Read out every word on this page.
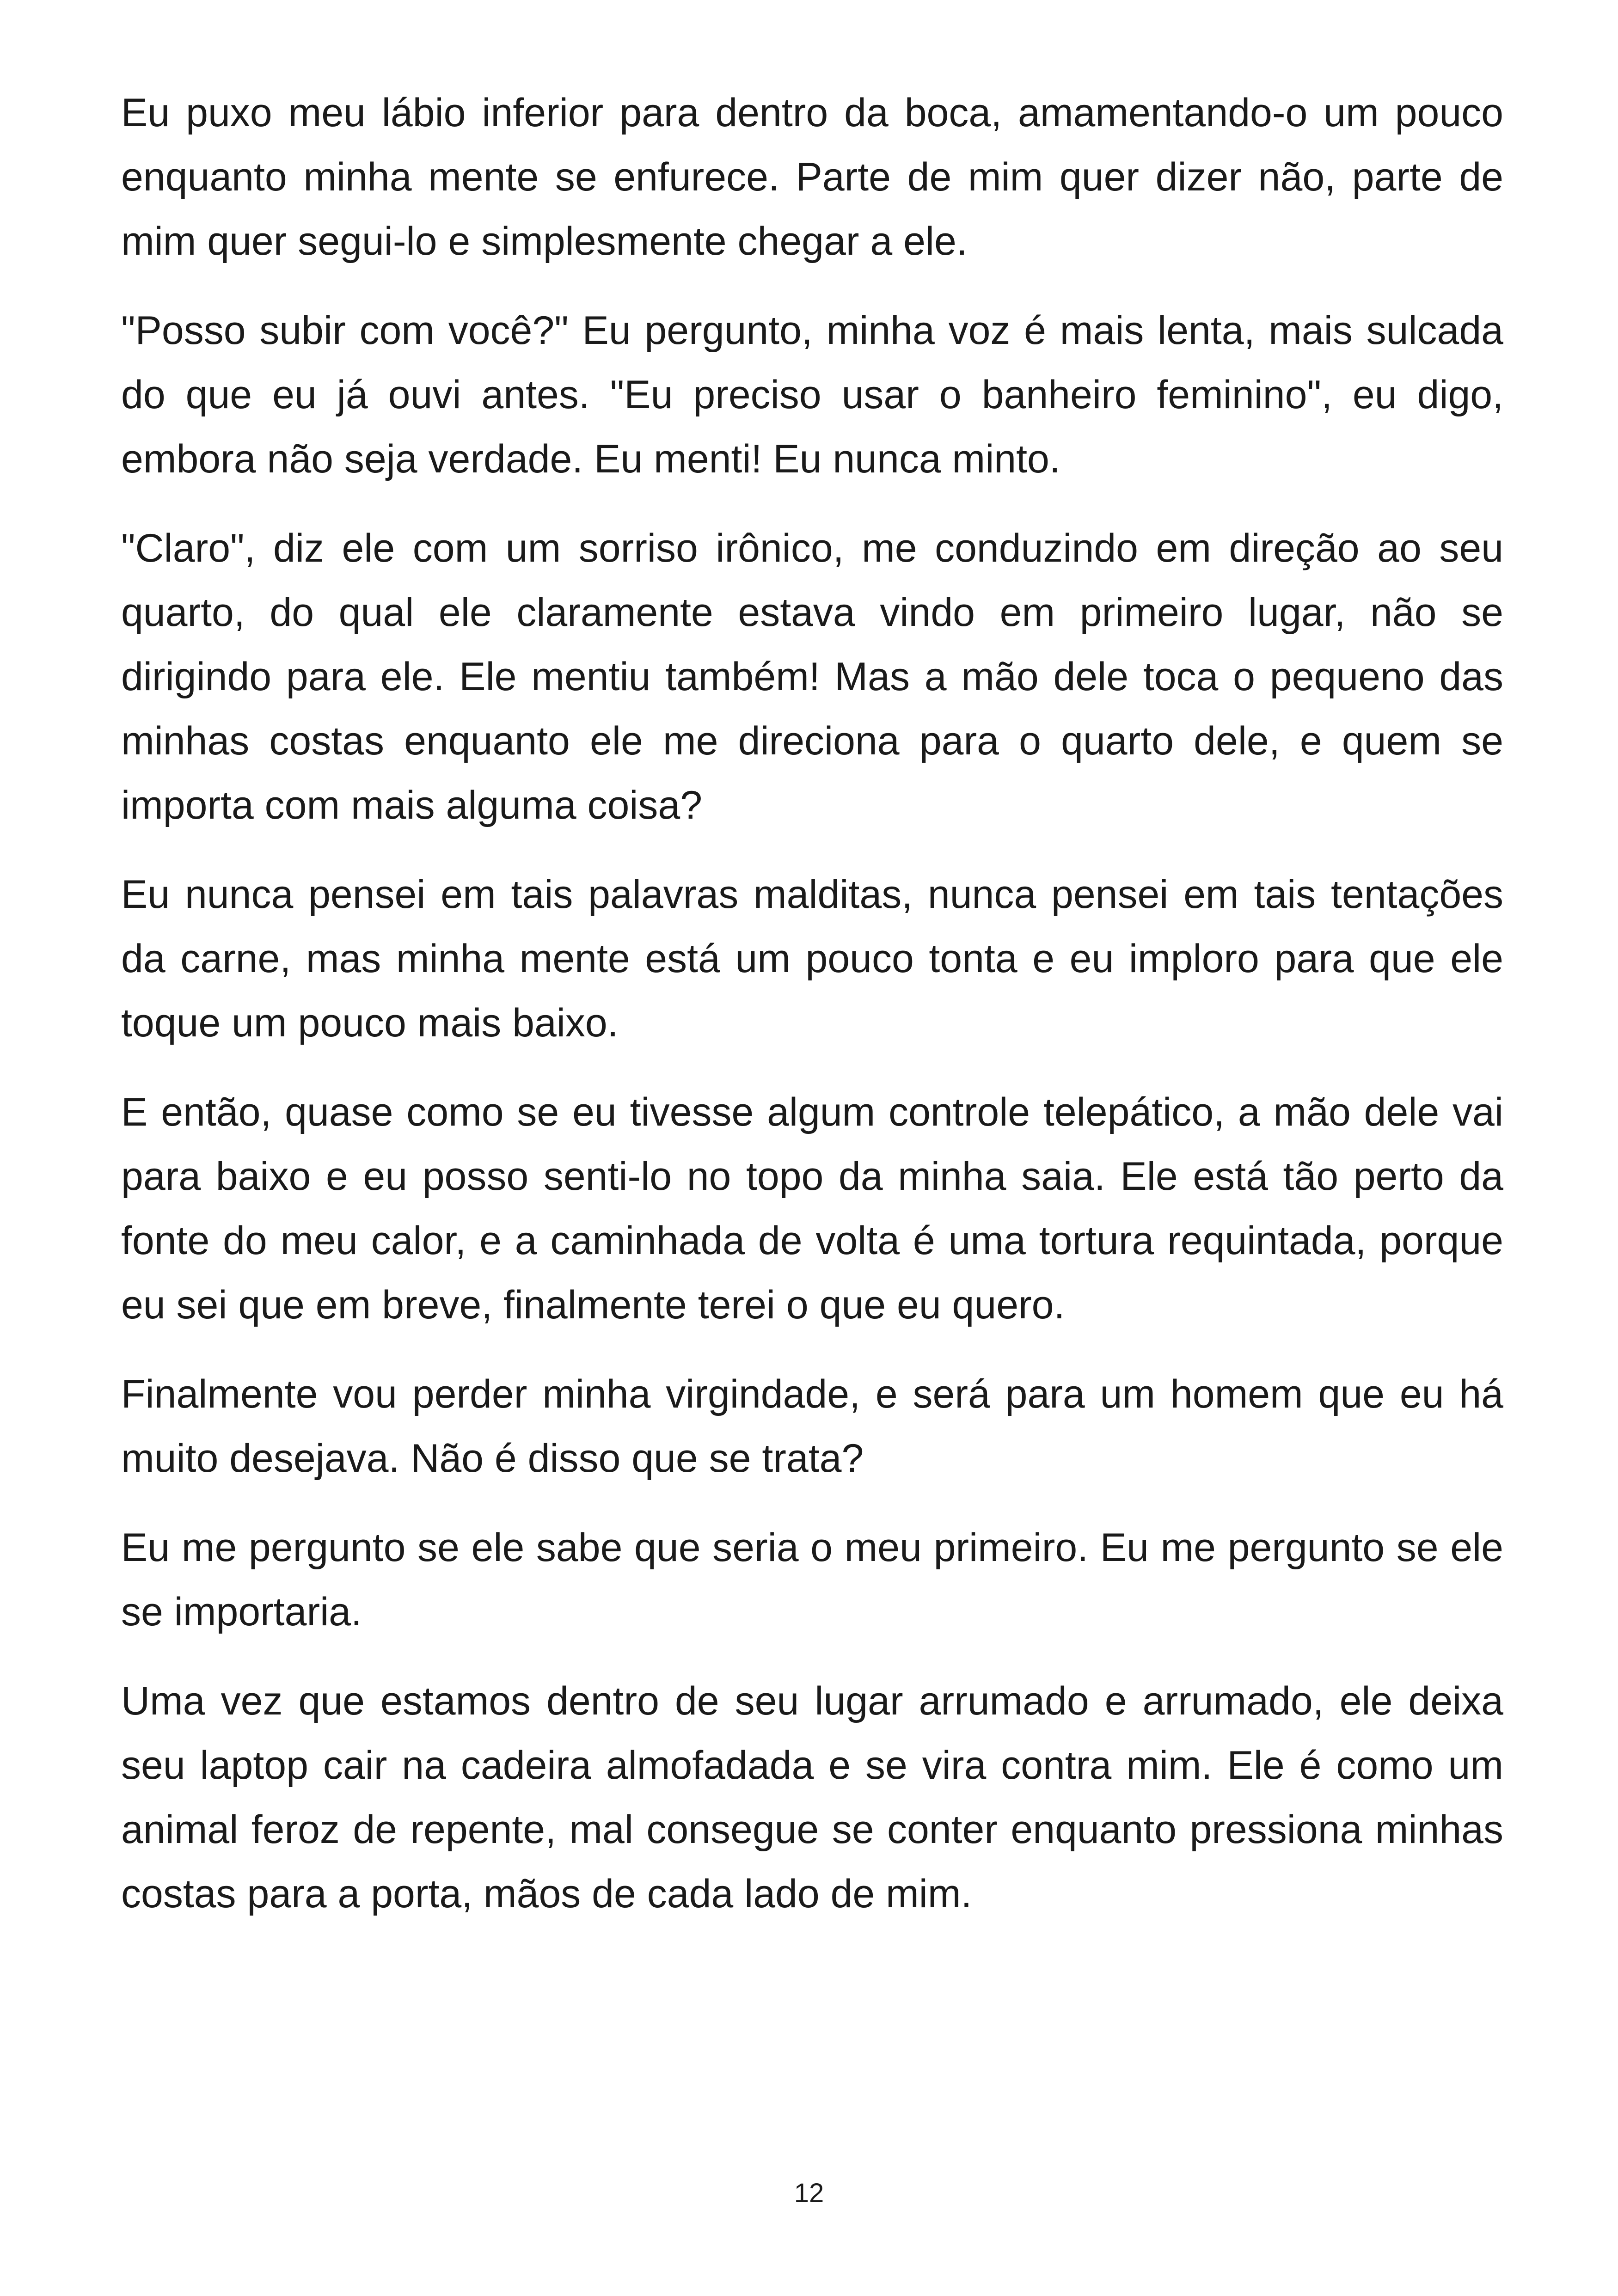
Eu puxo meu lábio inferior para dentro da boca, amamentando-o um pouco enquanto minha mente se enfurece. Parte de mim quer dizer não, parte de mim quer segui-lo e simplesmente chegar a ele.

"Posso subir com você?" Eu pergunto, minha voz é mais lenta, mais sulcada do que eu já ouvi antes. "Eu preciso usar o banheiro feminino", eu digo, embora não seja verdade. Eu menti! Eu nunca minto.

"Claro", diz ele com um sorriso irônico, me conduzindo em direção ao seu quarto, do qual ele claramente estava vindo em primeiro lugar, não se dirigindo para ele. Ele mentiu também! Mas a mão dele toca o pequeno das minhas costas enquanto ele me direciona para o quarto dele, e quem se importa com mais alguma coisa?

Eu nunca pensei em tais palavras malditas, nunca pensei em tais tentações da carne, mas minha mente está um pouco tonta e eu imploro para que ele toque um pouco mais baixo.

E então, quase como se eu tivesse algum controle telepático, a mão dele vai para baixo e eu posso senti-lo no topo da minha saia. Ele está tão perto da fonte do meu calor, e a caminhada de volta é uma tortura requintada, porque eu sei que em breve, finalmente terei o que eu quero.

Finalmente vou perder minha virgindade, e será para um homem que eu há muito desejava. Não é disso que se trata?

Eu me pergunto se ele sabe que seria o meu primeiro. Eu me pergunto se ele se importaria.

Uma vez que estamos dentro de seu lugar arrumado e arrumado, ele deixa seu laptop cair na cadeira almofadada e se vira contra mim. Ele é como um animal feroz de repente, mal consegue se conter enquanto pressiona minhas costas para a porta, mãos de cada lado de mim.

12
